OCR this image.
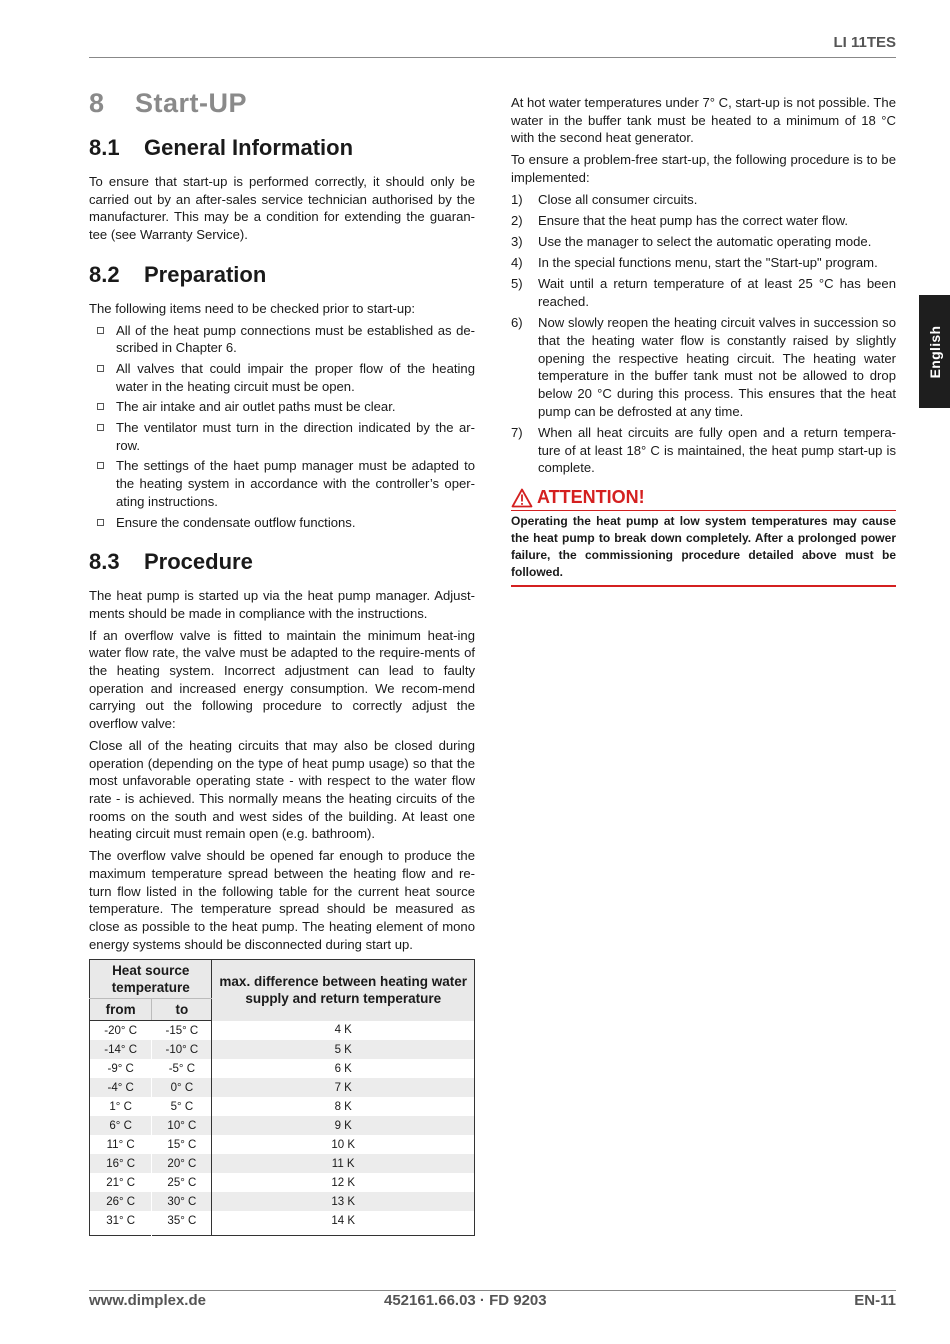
LI 11TES
8 Start-UP
8.1 General Information

To ensure that start-up is performed correctly, it should only be carried out by an after-sales service technician authorised by the manufacturer. This may be a condition for extending the guaran-tee (see Warranty Service).

8.2 Preparation

The following items need to be checked prior to start-up:

All of the heat pump connections must be established as de-scribed in Chapter 6.
All valves that could impair the proper flow of the heating water in the heating circuit must be open.
The air intake and air outlet paths must be clear.
The ventilator must turn in the direction indicated by the ar-row.
The settings of the haet pump manager must be adapted to the heating system in accordance with the controller’s oper-ating instructions.
Ensure the condensate outflow functions.
8.3 Procedure

The heat pump is started up via the heat pump manager. Adjust-ments should be made in compliance with the instructions.

If an overflow valve is fitted to maintain the minimum heat-ing water flow rate, the valve must be adapted to the require-ments of the heating system. Incorrect adjustment can lead to faulty operation and increased energy consumption. We recom-mend carrying out the following procedure to correctly adjust the overflow valve:

Close all of the heating circuits that may also be closed during operation (depending on the type of heat pump usage) so that the most unfavorable operating state - with respect to the water flow rate - is achieved. This normally means the heating circuits of the rooms on the south and west sides of the building. At least one heating circuit must remain open (e.g. bathroom).

The overflow valve should be opened far enough to produce the maximum temperature spread between the heating flow and re-turn flow listed in the following table for the current heat source temperature. The temperature spread should be measured as close as possible to the heat pump. The heating element of mono energy systems should be disconnected during start up.

Heat source temperature		max. difference between heating water supply and return temperature
from	to	
-20° C	-15° C	4 K
-14° C	-10° C	5 K
-9° C	-5° C	6 K
-4° C	0° C	7 K
1° C	5° C	8 K
6° C	10° C	9 K
11° C	15° C	10 K
16° C	20° C	11 K
21° C	25° C	12 K
26° C	30° C	13 K
31° C	35° C	14 K

At hot water temperatures under 7° C, start-up is not possible. The water in the buffer tank must be heated to a minimum of 18 °C with the second heat generator.

To ensure a problem-free start-up, the following procedure is to be implemented:

1) Close all consumer circuits.
2) Ensure that the heat pump has the correct water flow.
3) Use the manager to select the automatic operating mode.
4) In the special functions menu, start the "Start-up" program.
5) Wait until a return temperature of at least 25 °C has been reached.
6) Now slowly reopen the heating circuit valves in succession so that the heating water flow is constantly raised by slightly opening the respective heating circuit. The heating water temperature in the buffer tank must not be allowed to drop below 20 °C during this process. This ensures that the heat pump can be defrosted at any time.
7) When all heat circuits are fully open and a return tempera-ture of at least 18° C is maintained, the heat pump start-up is complete.
ATTENTION!
Operating the heat pump at low system temperatures may cause the heat pump to break down completely. After a prolonged power failure, the commissioning procedure detailed above must be followed.
English
www.dimplex.de	452161.66.03 · FD 9203	EN-11
